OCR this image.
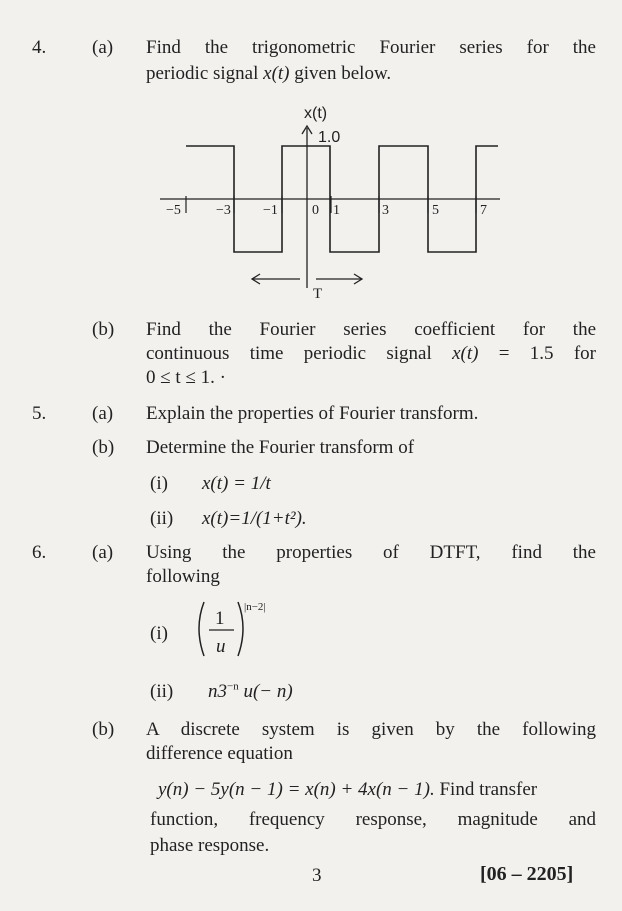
4. (a) Find the trigonometric Fourier series for the
periodic signal x(t) given below.
x(t)
1.0
−5	−3 −1 0 1	3	5	7
T
(b) Find the Fourier series coefficient for the
continuous time periodic signal x(t) = 1.5 for
0 ≤ t ≤ 1. ·
5. (a) Explain the properties of Fourier transform.
(b) Determine the Fourier transform of
(i) x(t) = 1/t
(ii) x(t)=1/(1+t²).
6. (a) Using the properties of DTFT, find the
following
(i)
1
u
|n−2|
(ii) $n3^{-n}$ u(− n)
(b) A discrete system is given by the following
difference equation
y(n) − 5y(n − 1) = x(n) + 4x(n − 1). Find transfer
function, frequency response, magnitude and
phase response.
3	[06 – 2205]
